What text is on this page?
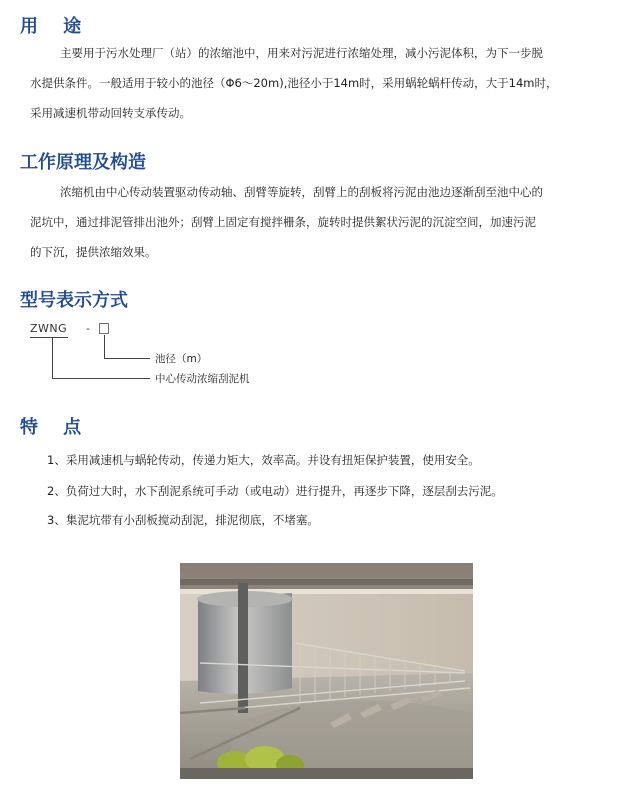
用    途
主要用于污水处理厂（站）的浓缩池中，用来对污泥进行浓缩处理，减小污泥体积，为下一步脱
水提供条件。一般适用于较小的池径（Φ6～20m),池径小于14m时，采用蜗轮蜗杆传动，大于14m时，
采用减速机带动回转支承传动。
工作原理及构造
浓缩机由中心传动装置驱动传动轴、刮臂等旋转，刮臂上的刮板将污泥由池边逐渐刮至池中心的
泥坑中，通过排泥管排出池外；刮臂上固定有搅拌栅条，旋转时提供絮状污泥的沉淀空间，加速污泥
的下沉，提供浓缩效果。
型号表示方式
ZWNG -
池径（m）
中心传动浓缩刮泥机
特    点
1、采用减速机与蜗轮传动，传递力矩大，效率高。并设有扭矩保护装置，使用安全。
2、负荷过大时，水下刮泥系统可手动（或电动）进行提升，再逐步下降，逐层刮去污泥。
3、集泥坑带有小刮板搅动刮泥，排泥彻底，不堵塞。
